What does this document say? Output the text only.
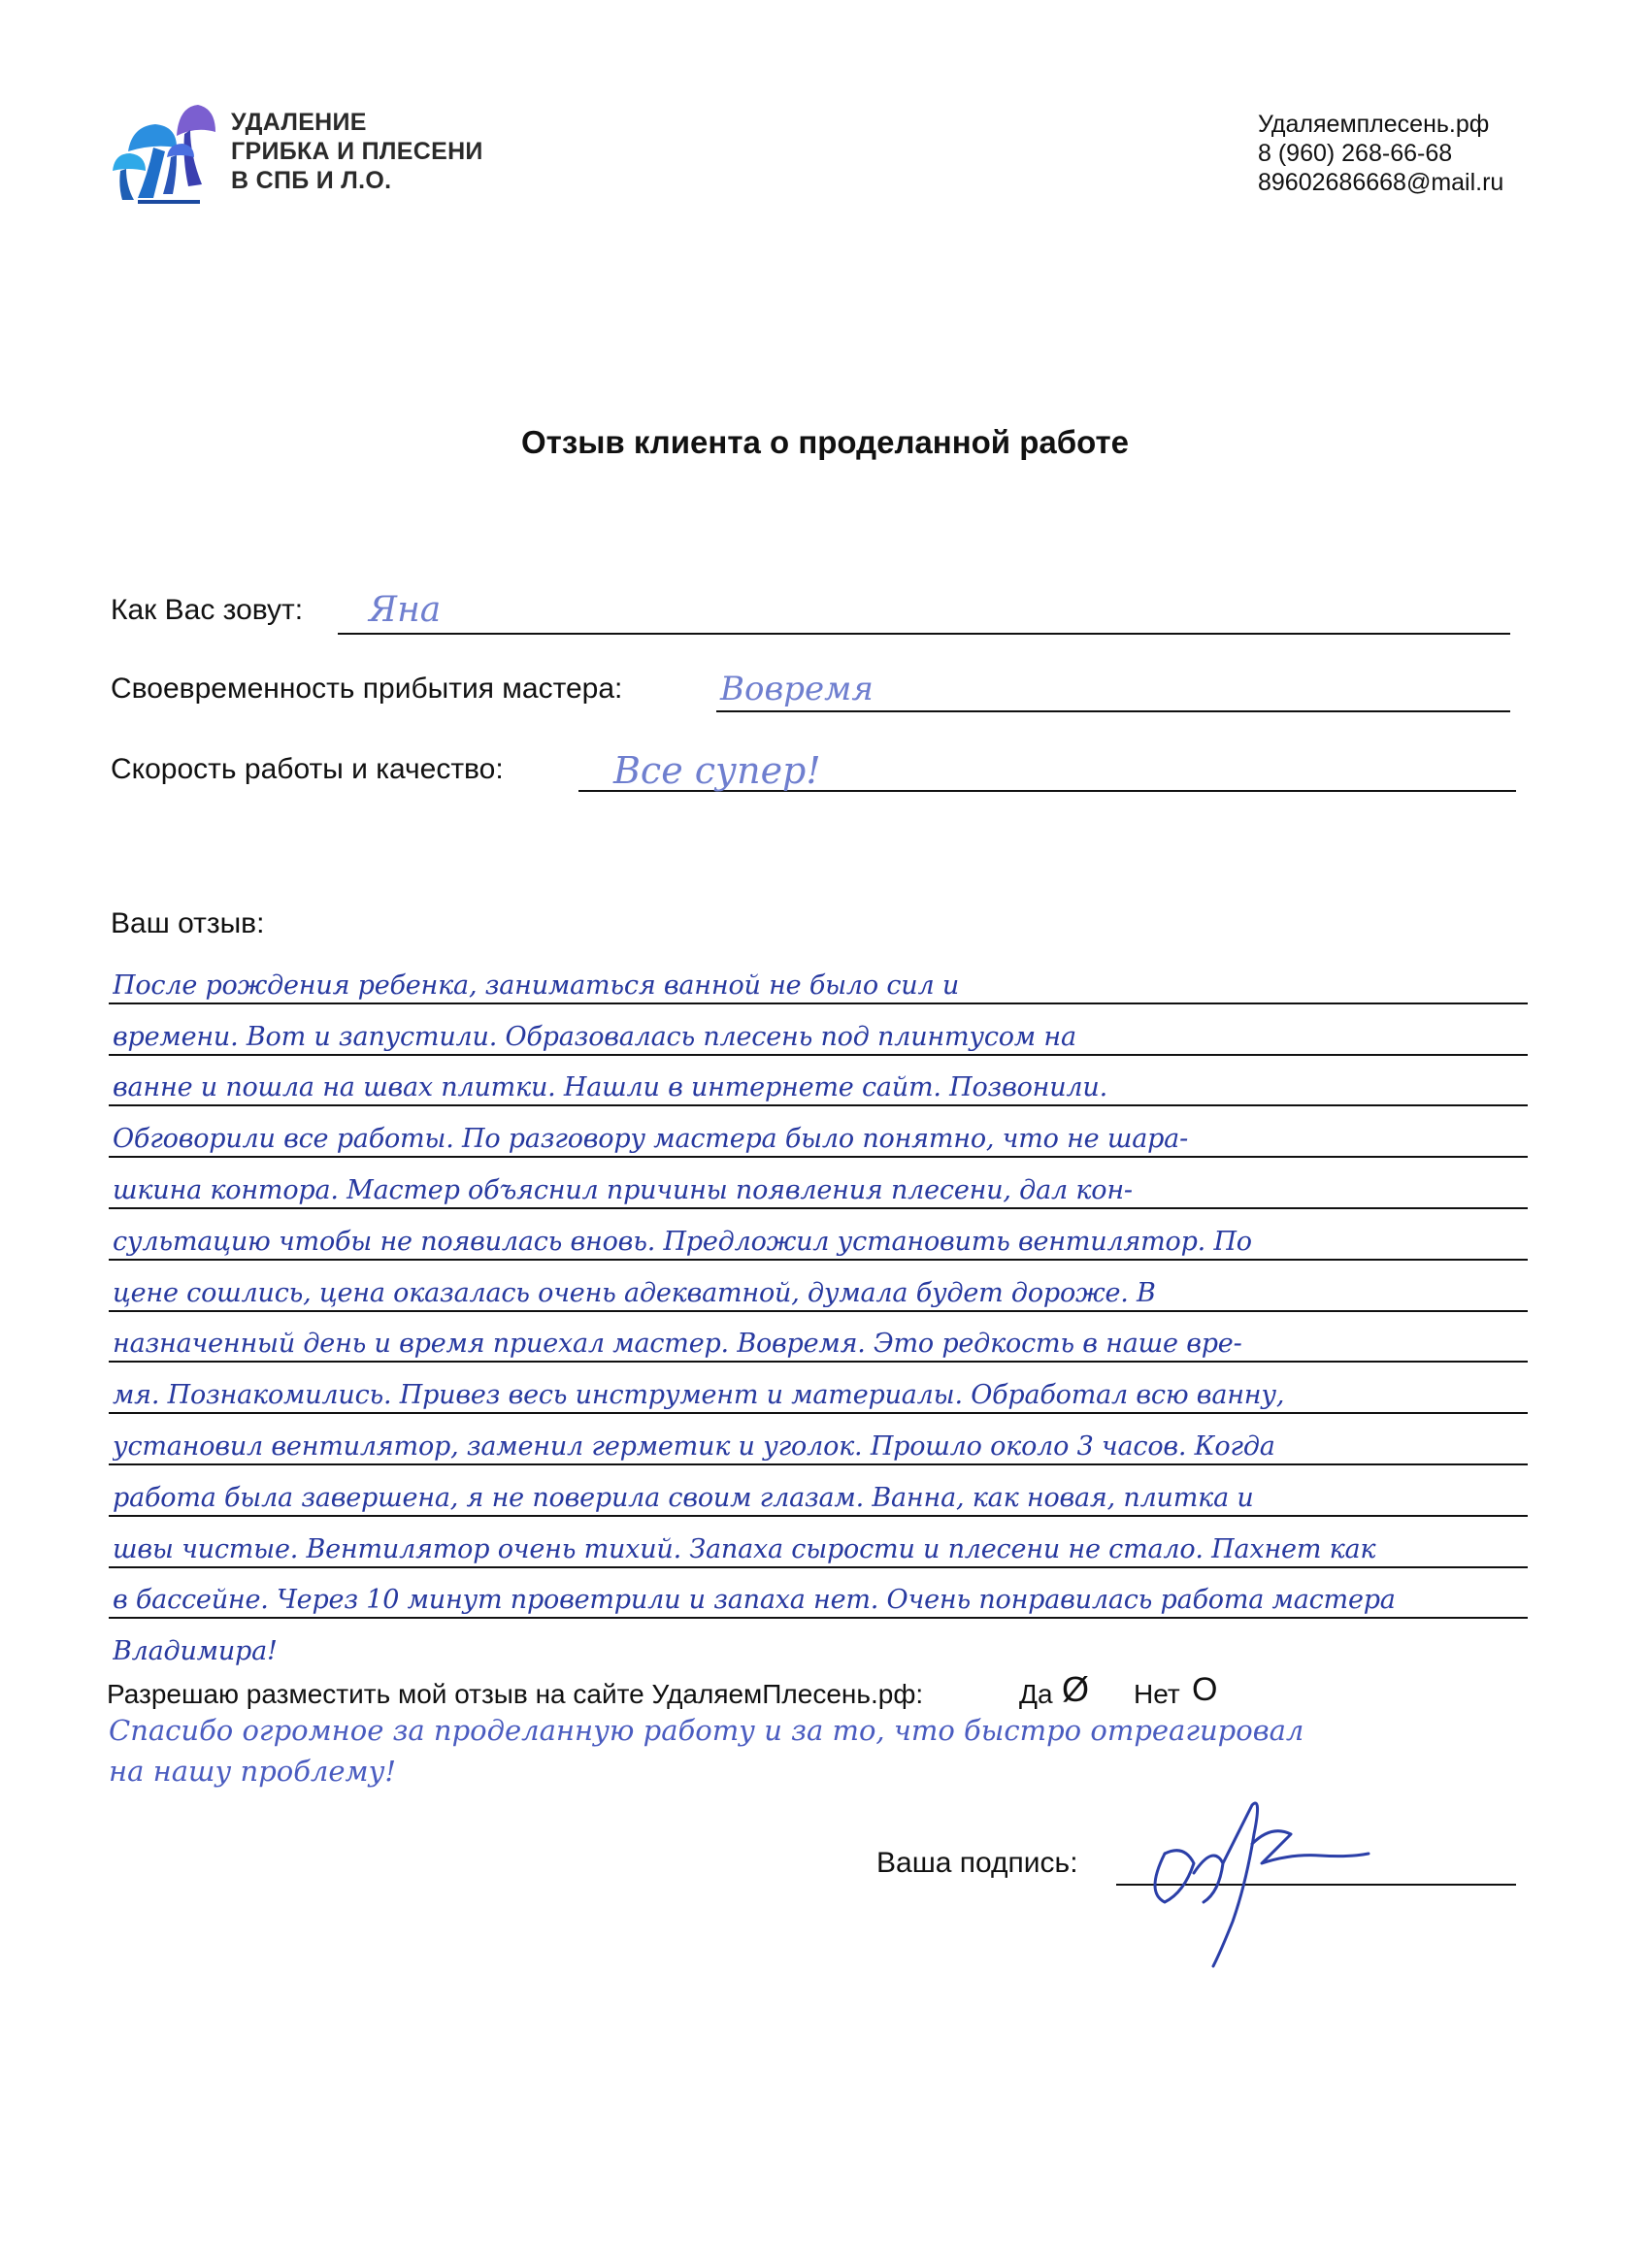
УДАЛЕНИЕ
ГРИБКА И ПЛЕСЕНИ
В СПБ И Л.О.
Удаляемплесень.рф
8 (960) 268-66-68
89602686668@mail.ru
Отзыв клиента о проделанной работе
Как Вас зовут: Яна
Своевременность прибытия мастера:	Вовремя
Скорость работы и качество:	Все супер!
Ваш отзыв:
После рождения ребенка, заниматься ванной не было сил и
времени. Вот и запустили. Образовалась плесень под плинтусом на
ванне и пошла на швах плитки. Нашли в интернете сайт. Позвонили.
Обговорили все работы. По разговору мастера было понятно, что не шара-
шкина контора. Мастер объяснил причины появления плесени, дал кон-
сультацию чтобы не появилась вновь. Предложил установить вентилятор. По
цене сошлись, цена оказалась очень адекватной, думала будет дороже. В
назначенный день и время приехал мастер. Вовремя. Это редкость в наше вре-
мя. Познакомились. Привез весь инструмент и материалы. Обработал всю ванну,
установил вентилятор, заменил герметик и уголок. Прошло около 3 часов. Когда
работа была завершена, я не поверила своим глазам. Ванна, как новая, плитка и
швы чистые. Вентилятор очень тихий. Запаха сырости и плесени не стало. Пахнет как
в бассейне. Через 10 минут проветрили и запаха нет. Очень понравилась работа мастера
Владимира!
Разрешаю разместить мой отзыв на сайте УдаляемПлесень.рф:	Да Ø Нет O
Спасибо огромное за проделанную работу и за то, что быстро отреагировал
на нашу проблему!
Ваша подпись:
